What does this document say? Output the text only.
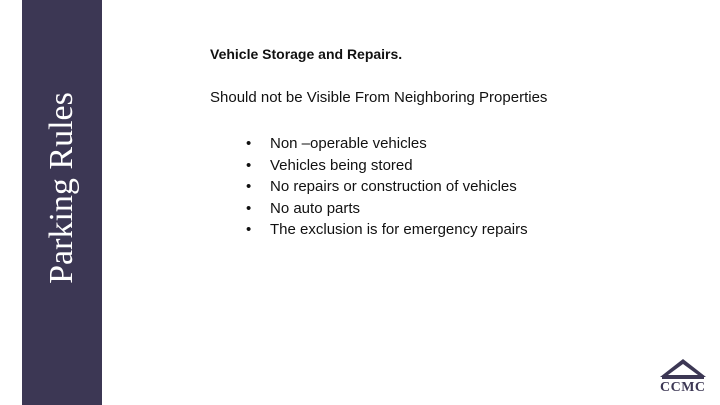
Parking Rules
Vehicle Storage and Repairs.
Should not be Visible From Neighboring Properties
• Non –operable vehicles
• Vehicles being stored
• No repairs or construction of vehicles
• No auto parts
• The exclusion is for emergency repairs
CCMC
